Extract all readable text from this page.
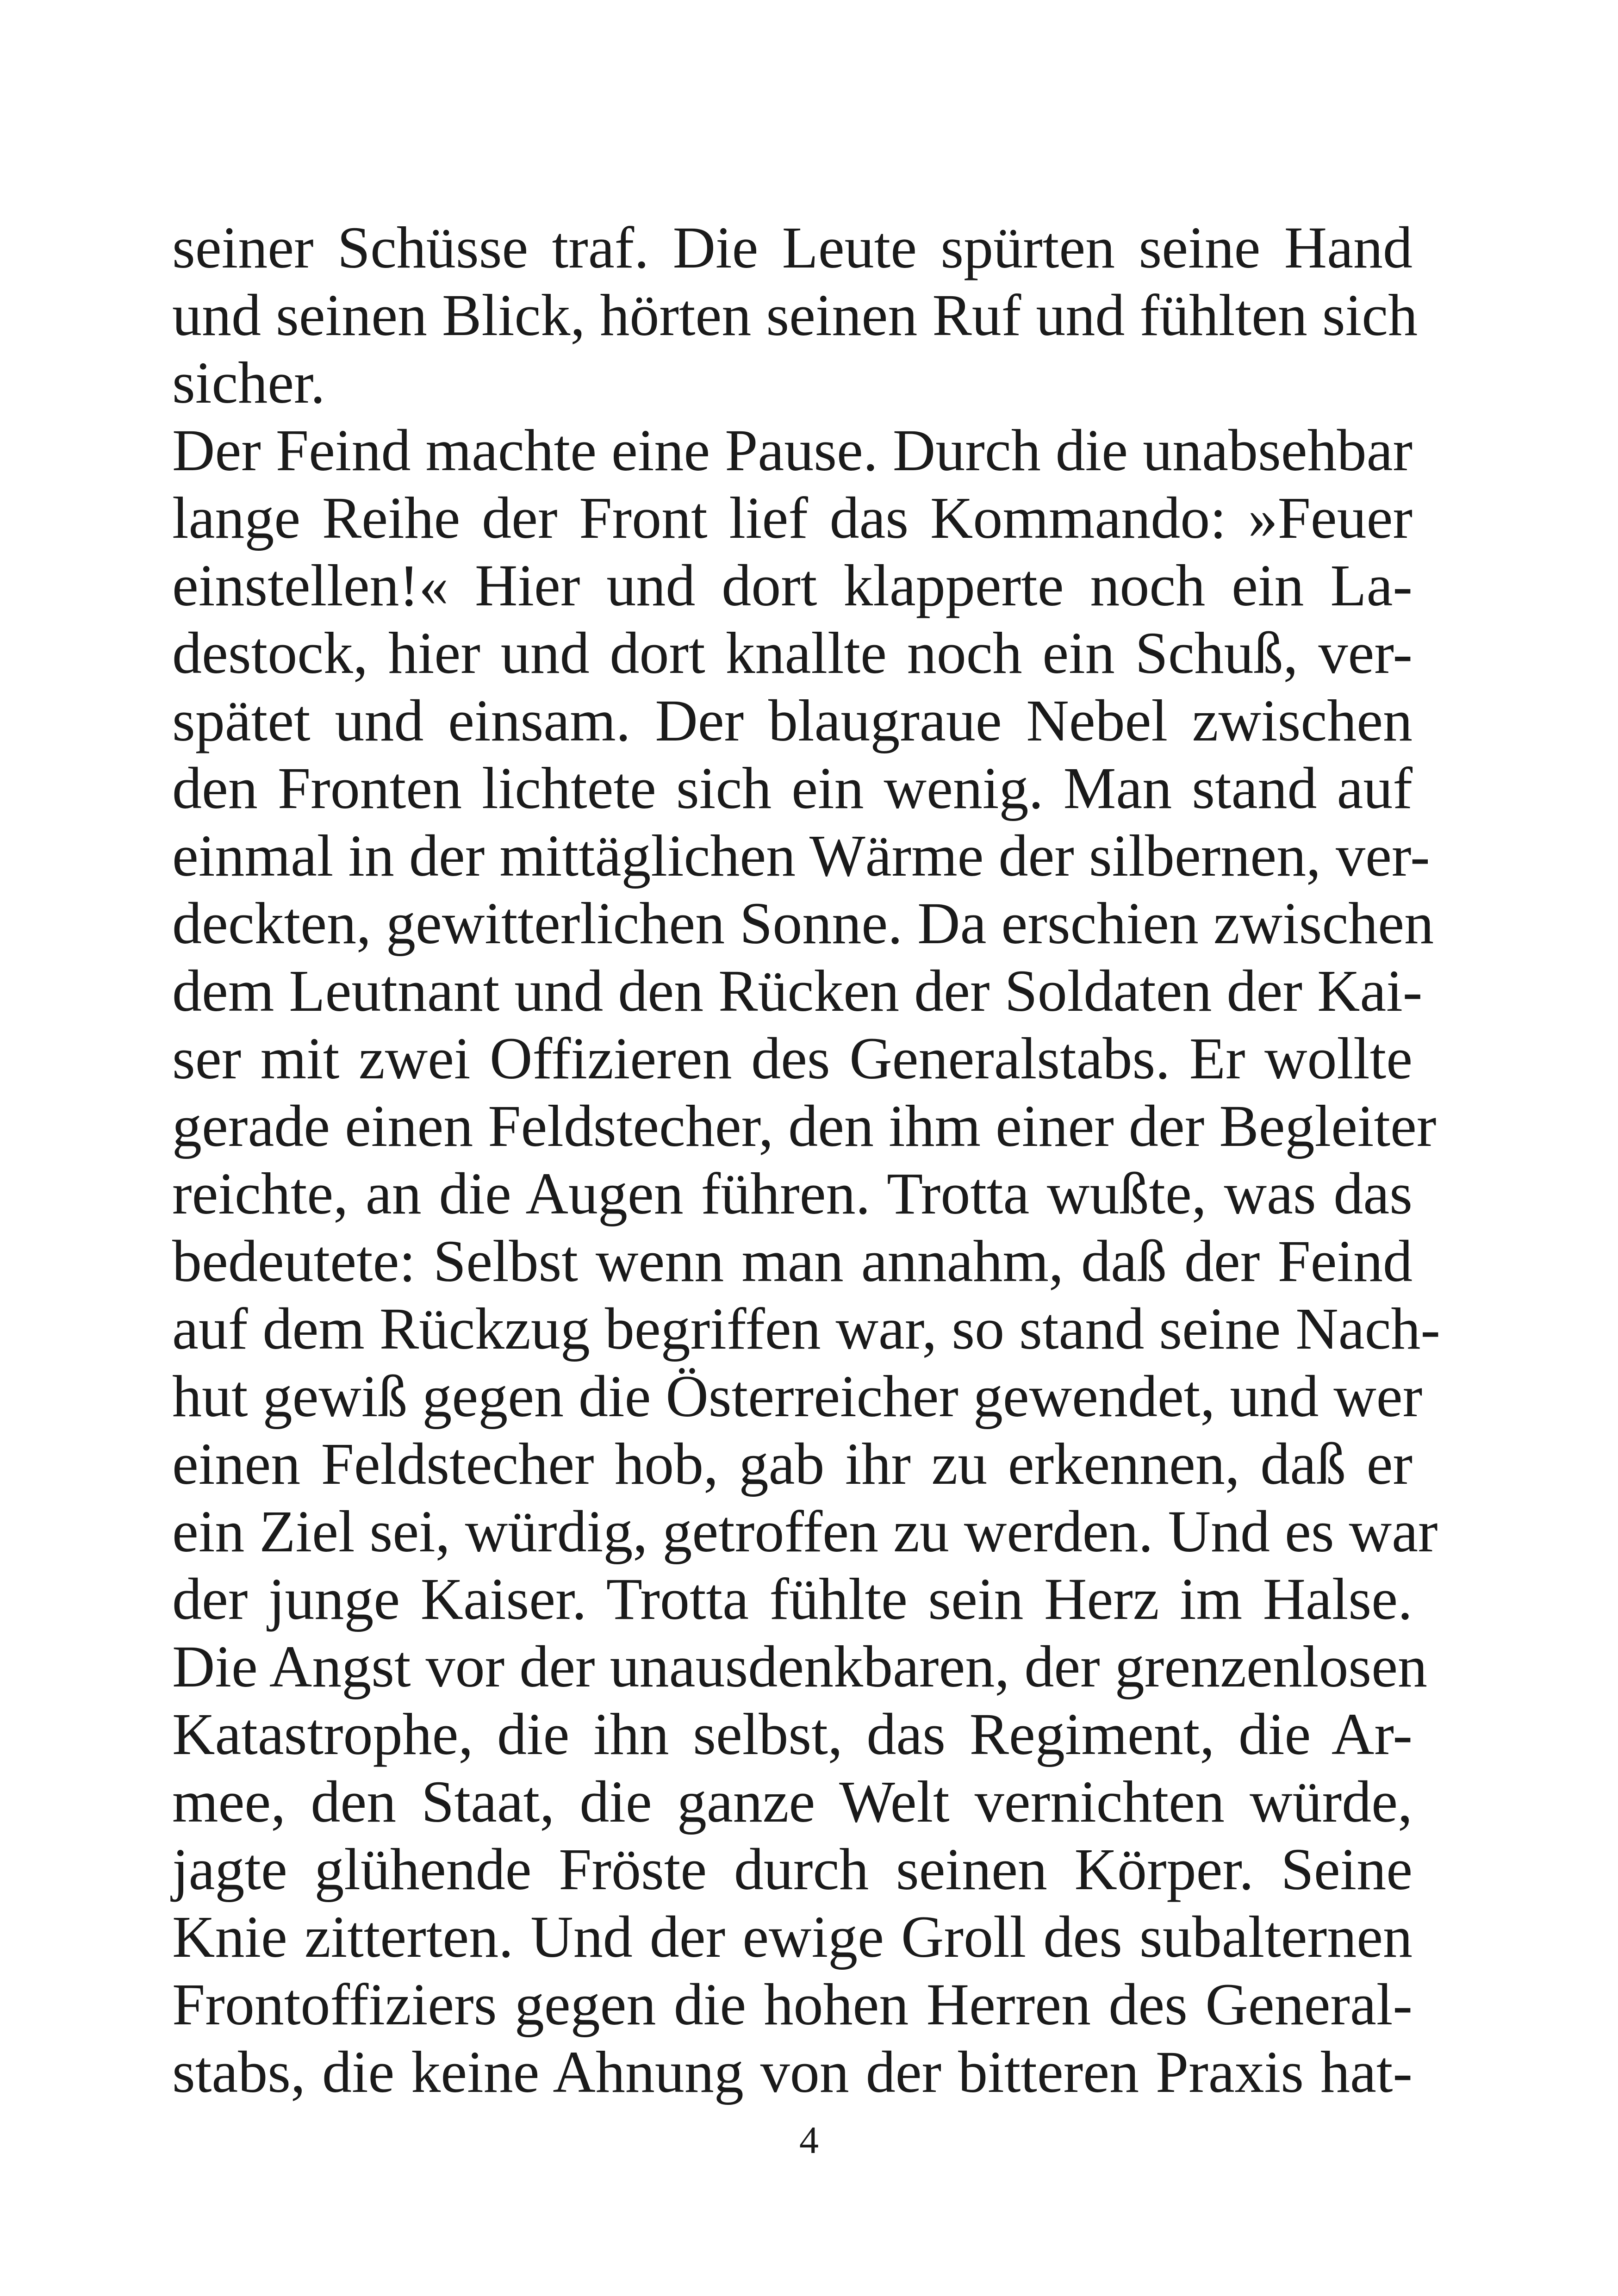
seiner Schüsse traf. Die Leute spürten seine Hand
und seinen Blick, hörten seinen Ruf und fühlten sich
sicher.
Der Feind machte eine Pause. Durch die unabsehbar
lange Reihe der Front lief das Kommando: »Feuer
einstellen!« Hier und dort klapperte noch ein La-
destock, hier und dort knallte noch ein Schuß, ver-
spätet und einsam. Der blaugraue Nebel zwischen
den Fronten lichtete sich ein wenig. Man stand auf
einmal in der mittäglichen Wärme der silbernen, ver-
deckten, gewitterlichen Sonne. Da erschien zwischen
dem Leutnant und den Rücken der Soldaten der Kai-
ser mit zwei Offizieren des Generalstabs. Er wollte
gerade einen Feldstecher, den ihm einer der Begleiter
reichte, an die Augen führen. Trotta wußte, was das
bedeutete: Selbst wenn man annahm, daß der Feind
auf dem Rückzug begriffen war, so stand seine Nach-
hut gewiß gegen die Österreicher gewendet, und wer
einen Feldstecher hob, gab ihr zu erkennen, daß er
ein Ziel sei, würdig, getroffen zu werden. Und es war
der junge Kaiser. Trotta fühlte sein Herz im Halse.
Die Angst vor der unausdenkbaren, der grenzenlosen
Katastrophe, die ihn selbst, das Regiment, die Ar-
mee, den Staat, die ganze Welt vernichten würde,
jagte glühende Fröste durch seinen Körper. Seine
Knie zitterten. Und der ewige Groll des subalternen
Frontoffiziers gegen die hohen Herren des General-
stabs, die keine Ahnung von der bitteren Praxis hat-
4
